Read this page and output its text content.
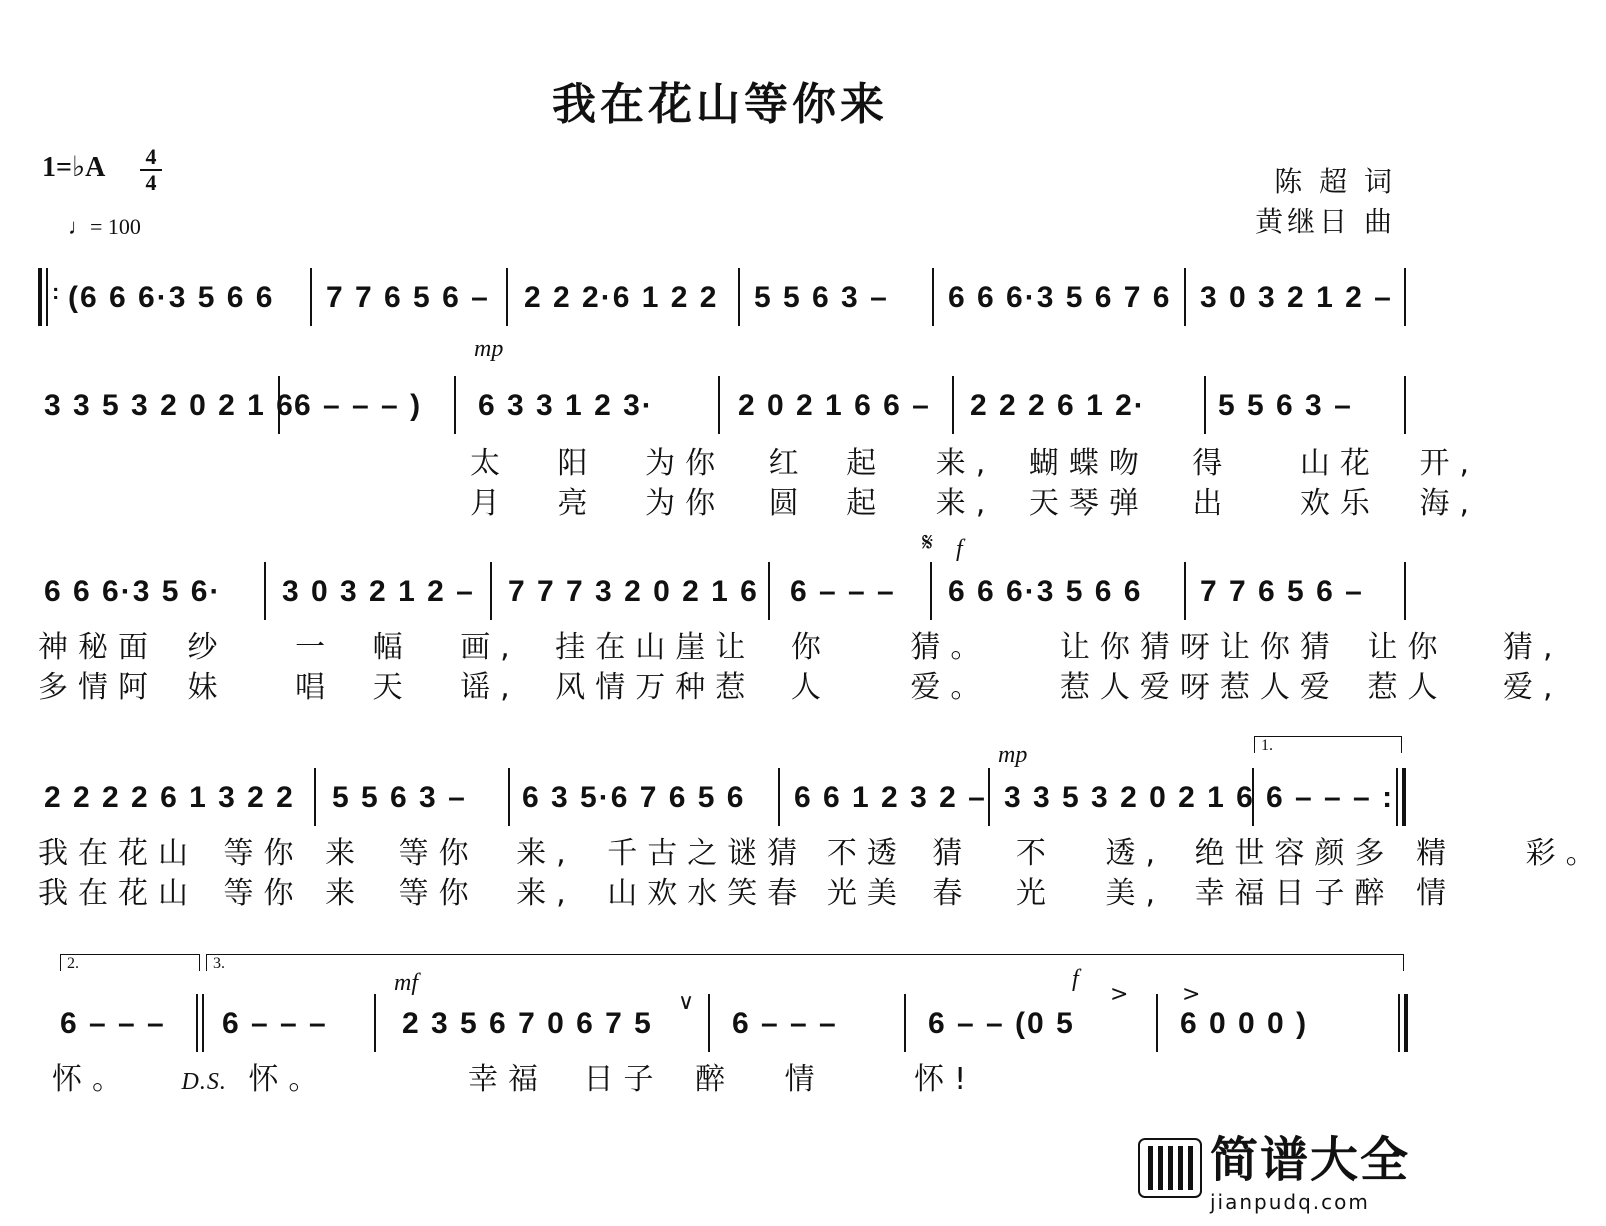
我在花山等你来
1=♭A 4
4
♩= 100
陈 超 词
黄继日 曲
: (6 6 6·3 5 6 6 7 7 6 5 6 – 2 2 2·6 1 2 2 5 5 6 3 – 6 6 6·3 5 6 7 6 3 0 3 2 1 2 –
mp
3 3 5 3 2 0 2 1 6 6 – – – ) 6 3 3 1 2 3·	2 0 2 1 6 6 – 2 2 2 6 1 2· 5 5 6 3 –
太 阳 为你 红 起 来, 蝴蝶吻 得 山花 开,
月 亮 为你 圆 起 来, 天琴弹 出 欢乐 海,
𝄋 f
6 6 6·3 5 6· 3 0 3 2 1 2 – 7 7 7 3 2 0 2 1 6 6 – – – 6 6 6·3 5 6 6 7 7 6 5 6 –
神秘面 纱 一 幅 画, 挂在山崖让 你	猜。 让你猜呀让你猜 让你 猜,
多情阿 妹 唱 天 谣, 风情万种惹 人	爱。 惹人爱呀惹人爱 惹人 爱,
mp	1.
2 2 2 2 6 1 3 2 2 5 5 6 3 – 6 3 5·6 7 6 5 6 6 6 1 2 3 2 – 3 3 5 3 2 0 2 1 6 6 – – – :
我在花山 等你 来 等你 来, 千古之谜猜 不透 猜 不 透, 绝世容颜多 精 彩。
我在花山 等你 来 等你 来, 山欢水笑春 光美 春 光 美, 幸福日子醉 情
2.	3.
mf	f
> >
∨
6 – – – 6 – – – 2 3 5 6 7 0 6 7 5	6 – – –	6 – – (0 5	6 0 0 0 )
怀。 D.S. 怀。	幸福 日子 醉 情	怀!
简谱大全
jianpudq.com
